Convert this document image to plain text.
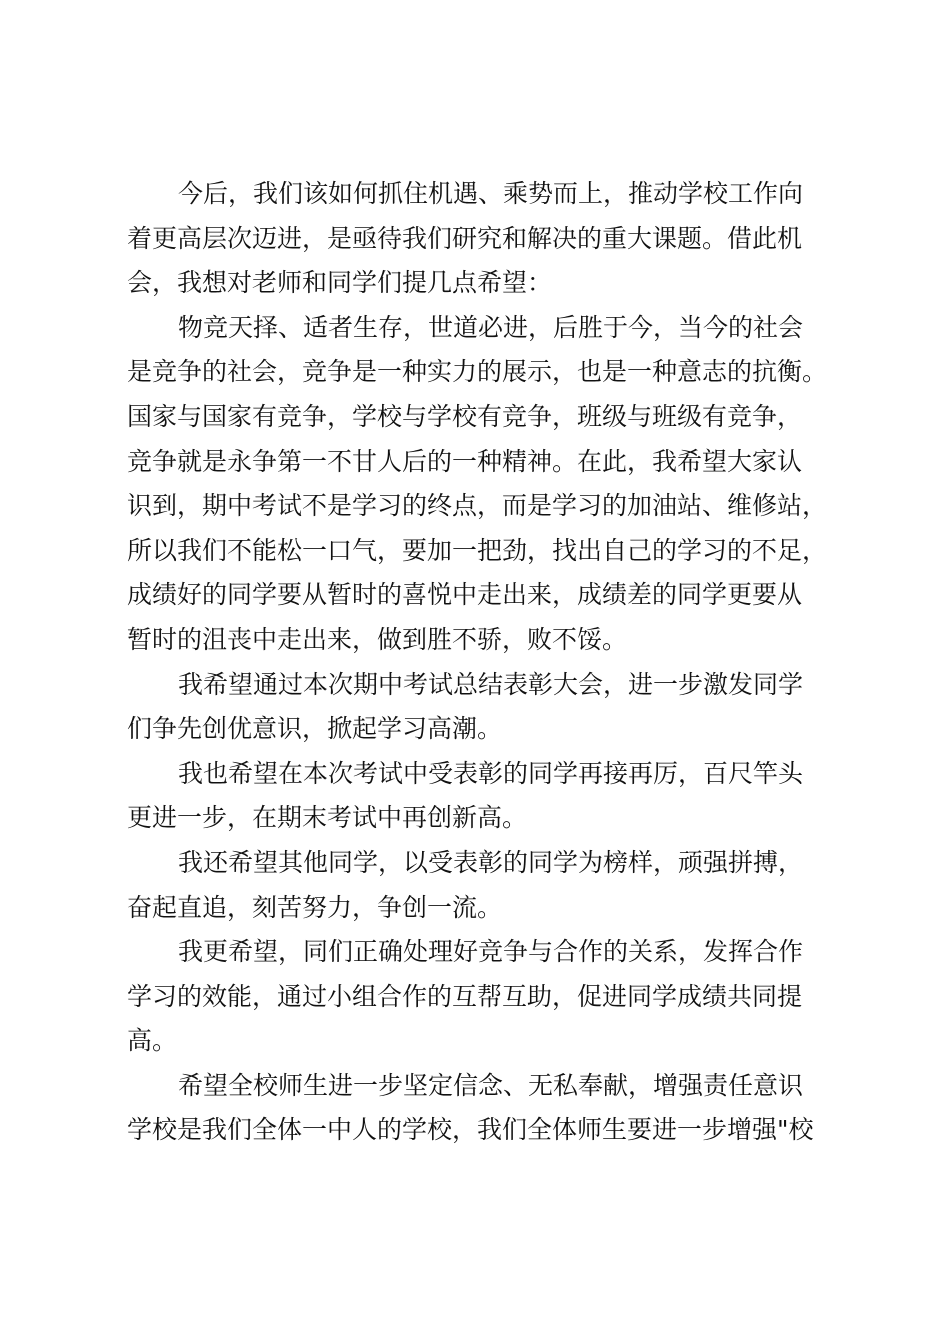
今后，我们该如何抓住机遇、乘势而上，推动学校工作向
着更高层次迈进，是亟待我们研究和解决的重大课题。借此机
会，我想对老师和同学们提几点希望：

物竞天择、适者生存，世道必进，后胜于今，当今的社会
是竞争的社会，竞争是一种实力的展示，也是一种意志的抗衡。
国家与国家有竞争，学校与学校有竞争，班级与班级有竞争，
竞争就是永争第一不甘人后的一种精神。在此，我希望大家认
识到，期中考试不是学习的终点，而是学习的加油站、维修站，
所以我们不能松一口气，要加一把劲，找出自己的学习的不足，
成绩好的同学要从暂时的喜悦中走出来，成绩差的同学更要从
暂时的沮丧中走出来，做到胜不骄，败不馁。

我希望通过本次期中考试总结表彰大会，进一步激发同学
们争先创优意识，掀起学习高潮。

我也希望在本次考试中受表彰的同学再接再厉，百尺竿头
更进一步，在期末考试中再创新高。

我还希望其他同学，以受表彰的同学为榜样，顽强拼搏，
奋起直追，刻苦努力，争创一流。

我更希望，同们正确处理好竞争与合作的关系，发挥合作
学习的效能，通过小组合作的互帮互助，促进同学成绩共同提
高。

希望全校师生进一步坚定信念、无私奉献，增强责任意识
学校是我们全体一中人的学校，我们全体师生要进一步增强"校
